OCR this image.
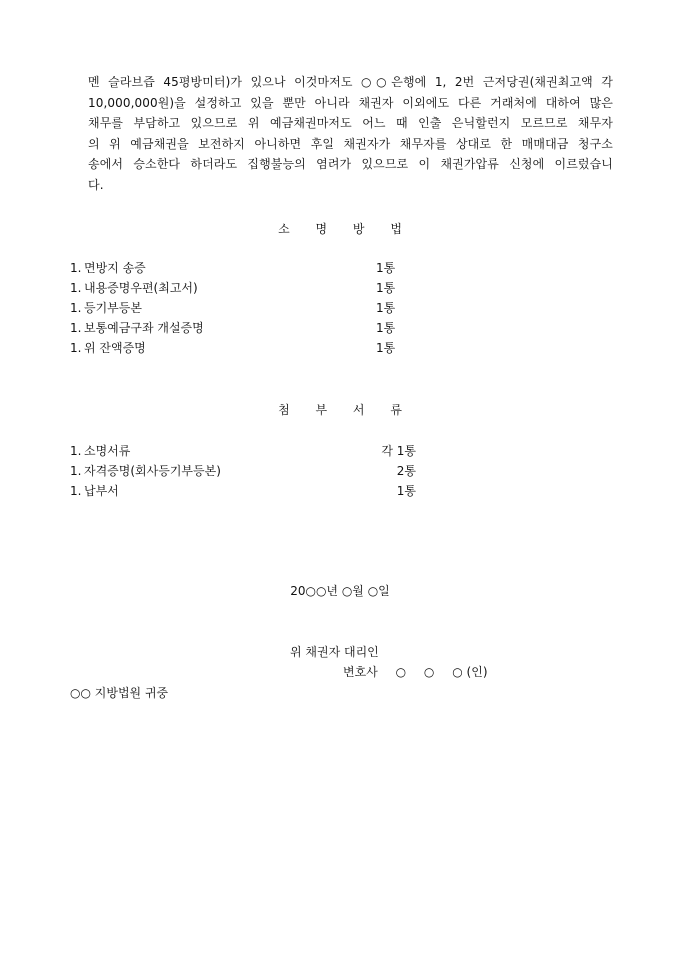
멘 슬라브즙 45평방미터)가 있으나 이것마저도 ○○은행에 1, 2번 근저당권(채권최고액 각
10,000,000원)을 설정하고 있을 뿐만 아니라 채권자 이외에도 다른 거래처에 대하여 많은
채무를 부담하고 있으므로 위 예금채권마저도 어느 때 인출 은닉할런지 모르므로 채무자
의 위 예금채권을 보전하지 아니하면 후일 채권자가 채무자를 상대로 한 매매대금 청구소
송에서 승소한다 하더라도 집행불능의 염려가 있으므로 이 채권가압류 신청에 이르렀습니
다.
소 명 방 법
1. 면방지 송증	1통
1. 내용증명우편(최고서)	1통
1. 등기부등본	1통
1. 보통예금구좌 개설증명	1통
1. 위 잔액증명	1통
첨 부 서 류
1. 소명서류	각 1통
1. 자격증명(회사등기부등본)	2통
1. 납부서	1통
20○○년 ○월 ○일
위 채권자 대리인
변호사 ○ ○ ○ (인)
○○ 지방법원 귀중
